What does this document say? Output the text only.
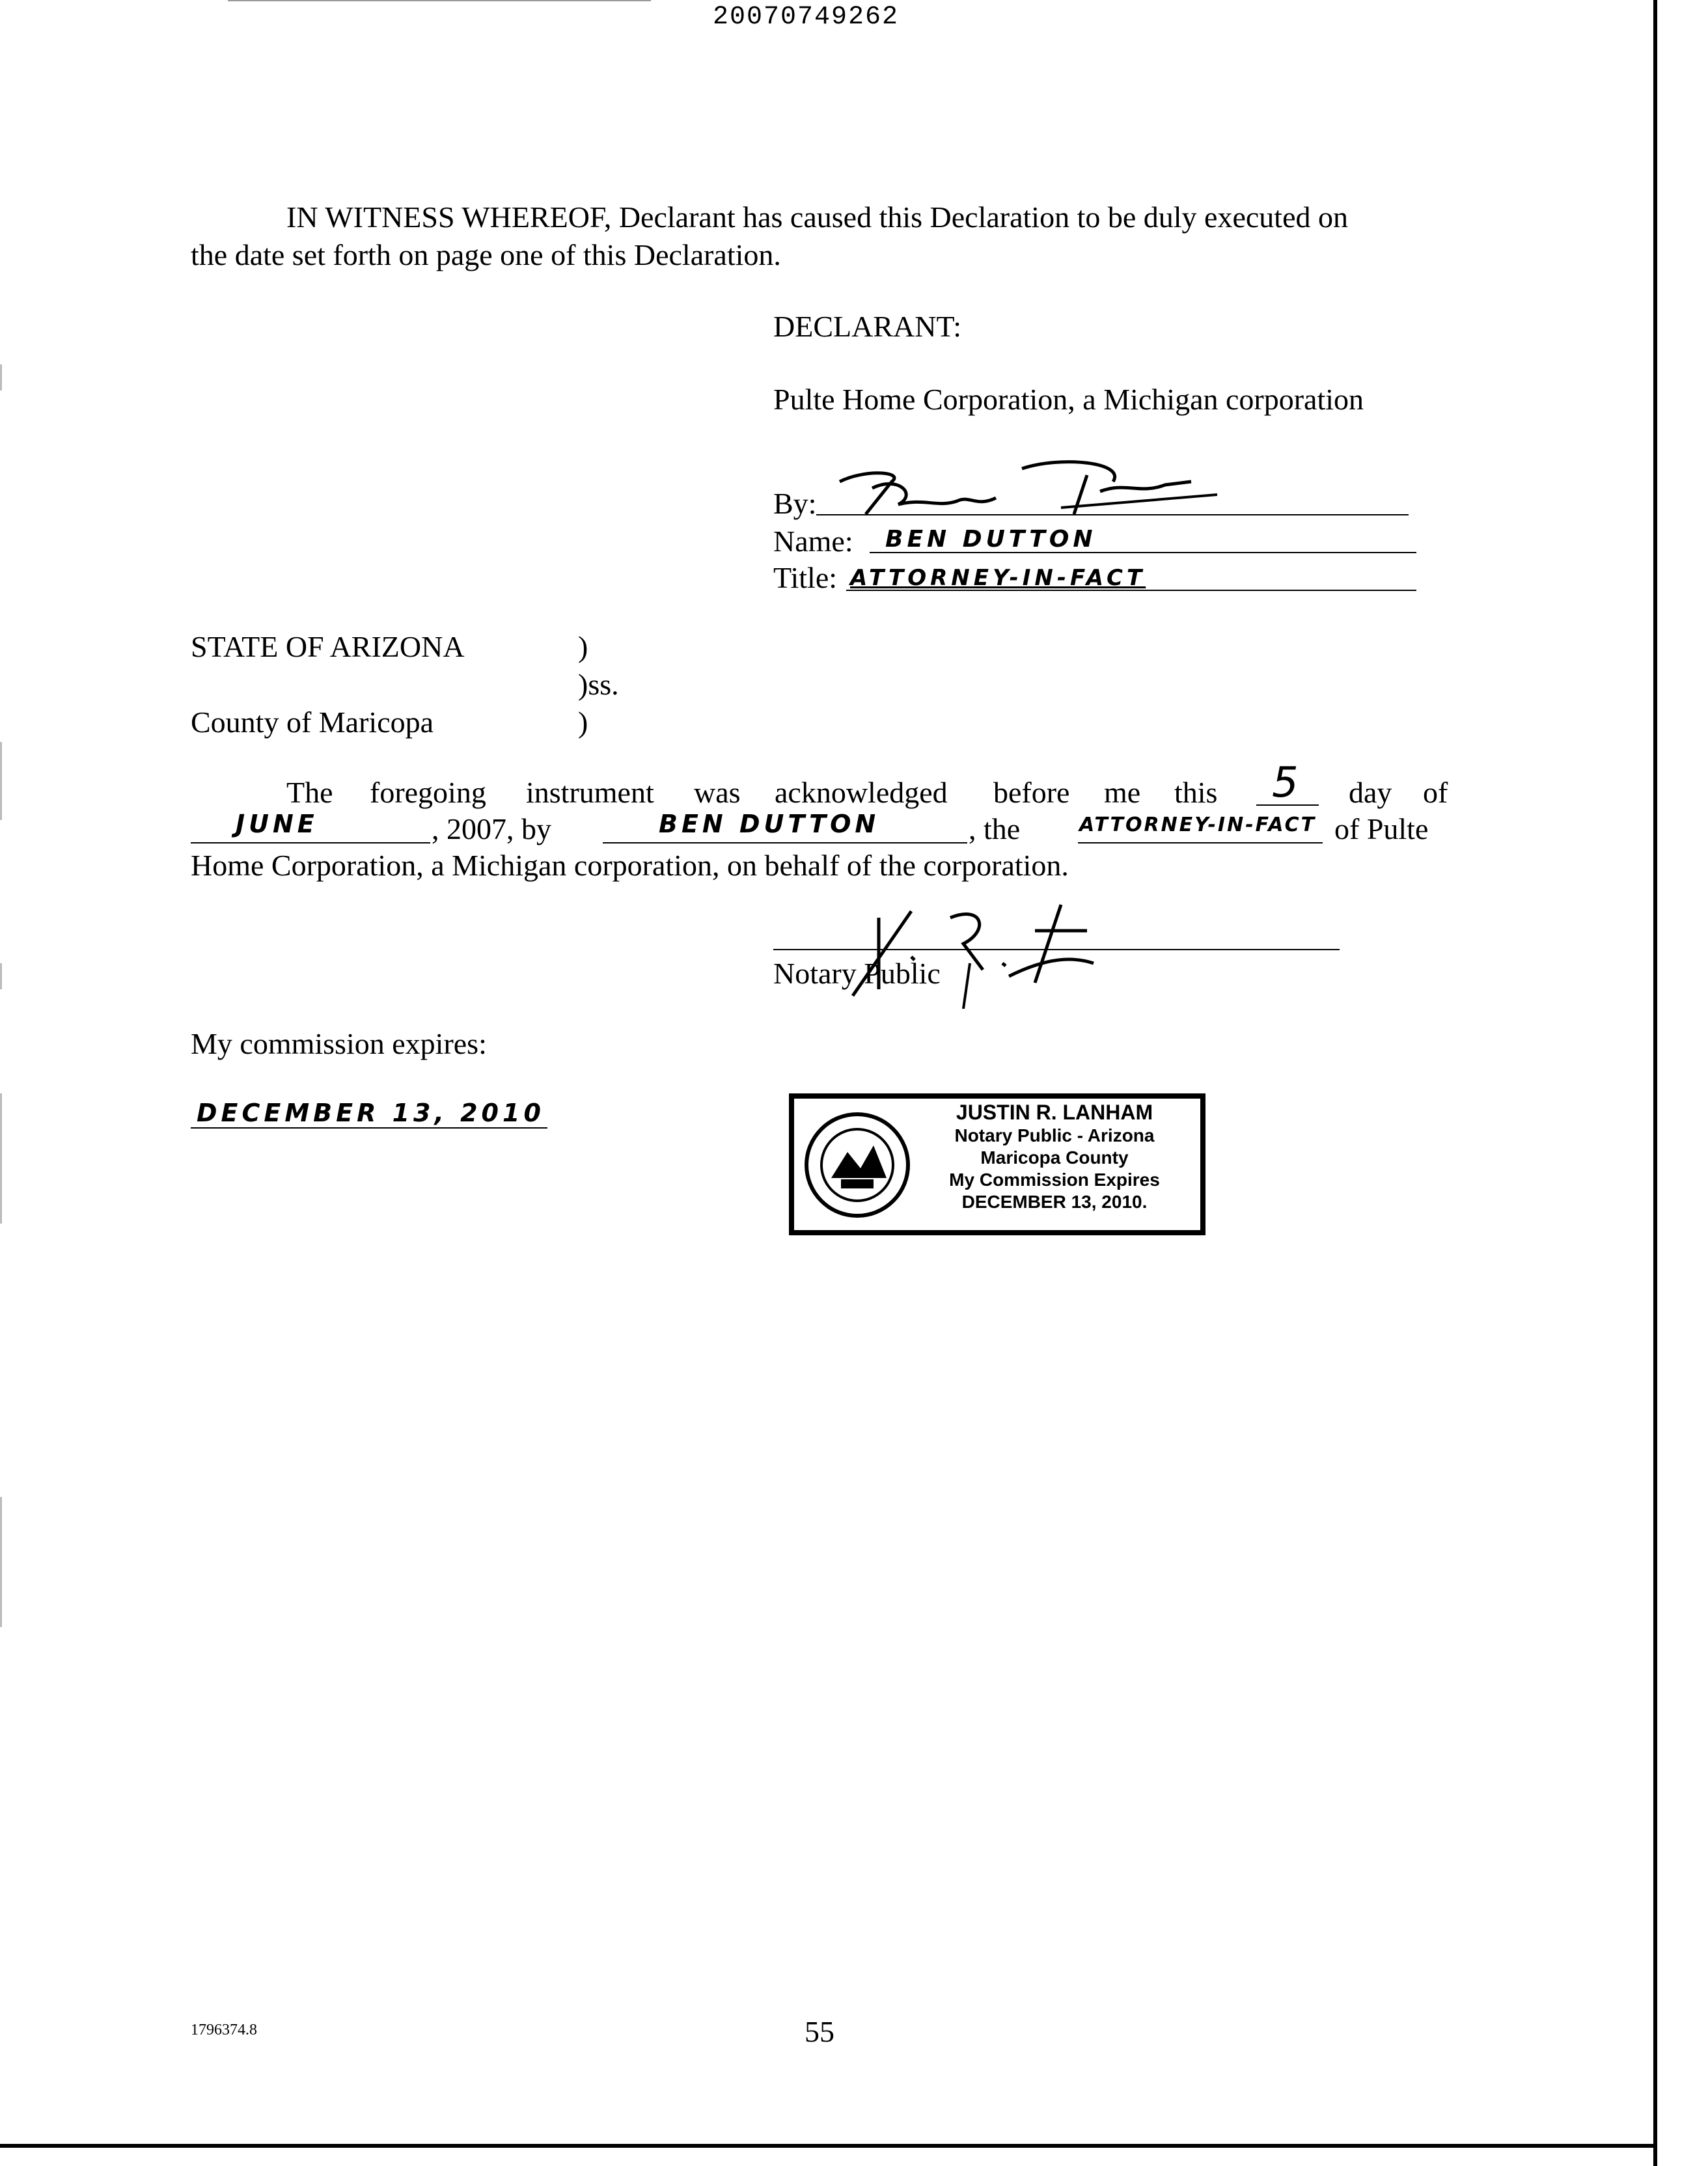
20070749262
IN WITNESS WHEREOF, Declarant has caused this Declaration to be duly executed on
the date set forth on page one of this Declaration.
DECLARANT:
Pulte Home Corporation, a Michigan corporation
By:
Name: BEN DUTTON
Title: ATTORNEY-IN-FACT
STATE OF ARIZONA	)
)ss.
County of Maricopa	)
The foregoing instrument was acknowledged before me this 5 day of
JUNE	, 2007, by	BEN DUTTON	, the	ATTORNEY-IN-FACT of Pulte
Home Corporation, a Michigan corporation, on behalf of the corporation.
Notary Public
My commission expires:
DECEMBER 13, 2010	JUSTIN R. LANHAM
Notary Public - Arizona
Maricopa County
My Commission Expires
DECEMBER 13, 2010.
1796374.8	55
